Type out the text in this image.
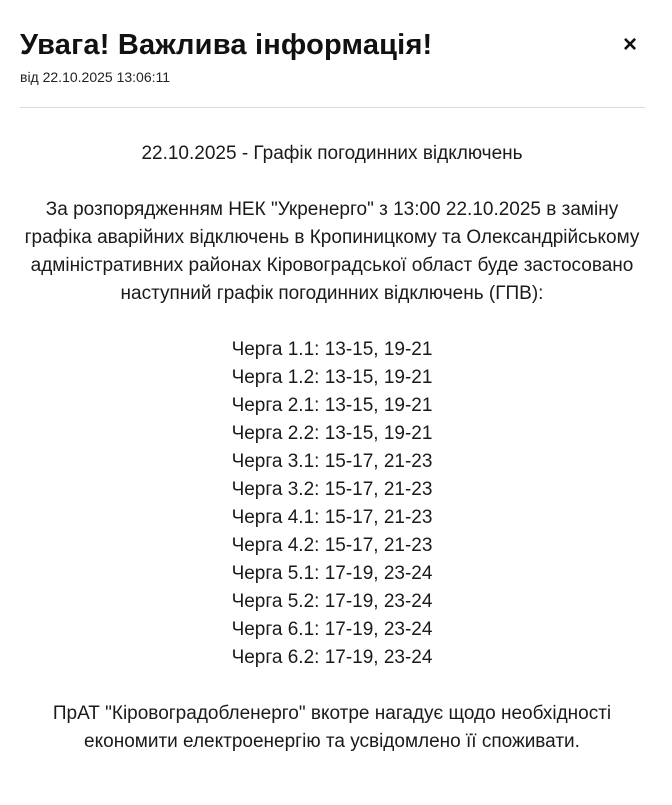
Увага! Важлива інформація!
від 22.10.2025 13:06:11
×

22.10.2025 - Графік погодинних відключень

За розпорядженням НЕК "Укренерго" з 13:00 22.10.2025 в заміну графіка аварійних відключень в Кропиницкому та Олександрійському адміністративних районах Кіровоградської област буде застосовано наступний графік погодинних відключень (ГПВ):

Черга 1.1: 13-15, 19-21
Черга 1.2: 13-15, 19-21
Черга 2.1: 13-15, 19-21
Черга 2.2: 13-15, 19-21
Черга 3.1: 15-17, 21-23
Черга 3.2: 15-17, 21-23
Черга 4.1: 15-17, 21-23
Черга 4.2: 15-17, 21-23
Черга 5.1: 17-19, 23-24
Черга 5.2: 17-19, 23-24
Черга 6.1: 17-19, 23-24
Черга 6.2: 17-19, 23-24

ПрАТ "Кіровоградобленерго" вкотре нагадує щодо необхідності економити електроенергію та усвідомлено її споживати.
